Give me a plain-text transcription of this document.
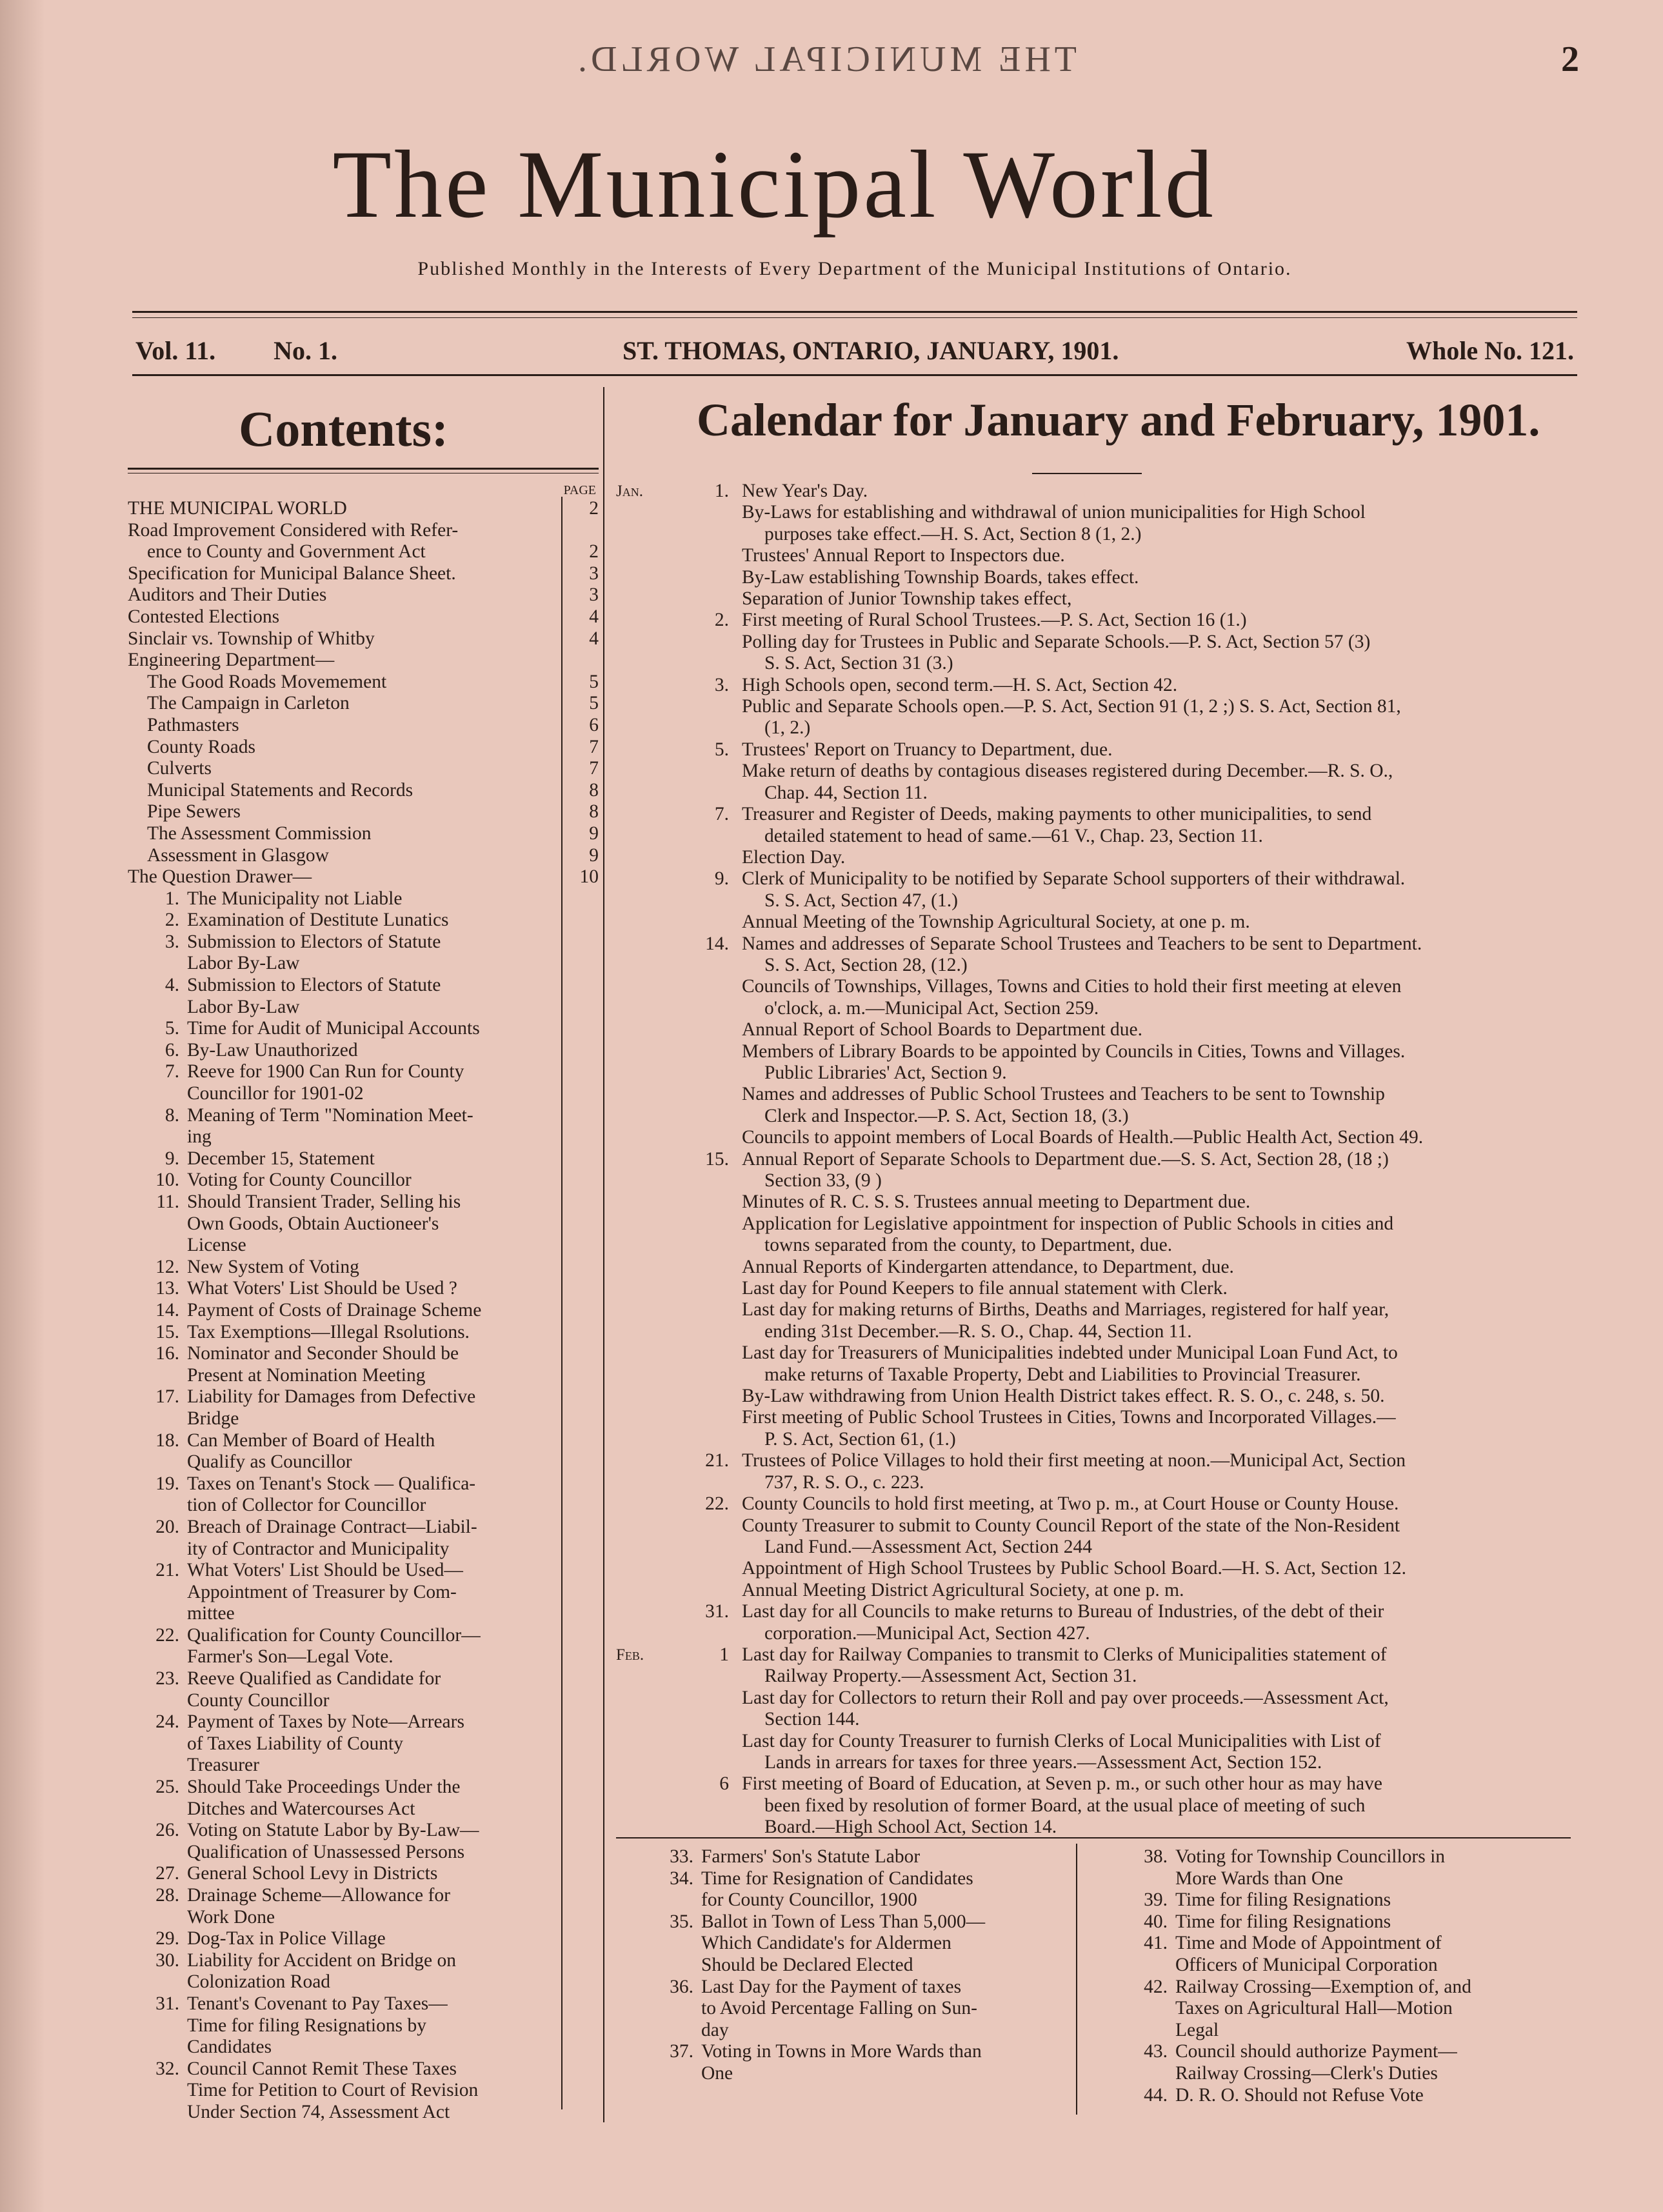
THE MUNICIPAL WORLD.	2
The Municipal World
Published Monthly in the Interests of Every Department of the Municipal Institutions of Ontario.
Vol. 11. No. 1.	ST. THOMAS, ONTARIO, JANUARY, 1901.	Whole No. 121.
Contents:
PAGE
THE MUNICIPAL WORLD	2
Road Improvement Considered with Refer-
ence to County and Government Act	2
Specification for Municipal Balance Sheet.	3
Auditors and Their Duties	3
Contested Elections	4
Sinclair vs. Township of Whitby	4
Engineering Department—
The Good Roads Movemement	5
The Campaign in Carleton	5
Pathmasters	6
County Roads	7
Culverts	7
Municipal Statements and Records	8
Pipe Sewers	8
The Assessment Commission	9
Assessment in Glasgow	9
The Question Drawer—	10
1. The Municipality not Liable
2. Examination of Destitute Lunatics
3. Submission to Electors of Statute
Labor By-Law
4. Submission to Electors of Statute
Labor By-Law
5. Time for Audit of Municipal Accounts
6. By-Law Unauthorized
7. Reeve for 1900 Can Run for County
Councillor for 1901-02
8. Meaning of Term "Nomination Meet-
ing
9. December 15, Statement
10. Voting for County Councillor
11. Should Transient Trader, Selling his
Own Goods, Obtain Auctioneer's
License
12. New System of Voting
13. What Voters' List Should be Used ?
14. Payment of Costs of Drainage Scheme
15. Tax Exemptions—Illegal Rsolutions.
16. Nominator and Seconder Should be
Present at Nomination Meeting
17. Liability for Damages from Defective
Bridge
18. Can Member of Board of Health
Qualify as Councillor
19. Taxes on Tenant's Stock — Qualifica-
tion of Collector for Councillor
20. Breach of Drainage Contract—Liabil-
ity of Contractor and Municipality
21. What Voters' List Should be Used—
Appointment of Treasurer by Com-
mittee
22. Qualification for County Councillor—
Farmer's Son—Legal Vote.
23. Reeve Qualified as Candidate for
County Councillor
24. Payment of Taxes by Note—Arrears
of Taxes Liability of County
Treasurer
25. Should Take Proceedings Under the
Ditches and Watercourses Act
26. Voting on Statute Labor by By-Law—
Qualification of Unassessed Persons
27. General School Levy in Districts
28. Drainage Scheme—Allowance for
Work Done
29. Dog-Tax in Police Village
30. Liability for Accident on Bridge on
Colonization Road
31. Tenant's Covenant to Pay Taxes—
Time for filing Resignations by
Candidates
32. Council Cannot Remit These Taxes
Time for Petition to Court of Revision
Under Section 74, Assessment Act
Calendar for January and February, 1901.
Jan.	1. New Year's Day.
By-Laws for establishing and withdrawal of union municipalities for High School
purposes take effect.—H. S. Act, Section 8 (1, 2.)
Trustees' Annual Report to Inspectors due.
By-Law establishing Township Boards, takes effect.
Separation of Junior Township takes effect,
2. First meeting of Rural School Trustees.—P. S. Act, Section 16 (1.)
Polling day for Trustees in Public and Separate Schools.—P. S. Act, Section 57 (3)
S. S. Act, Section 31 (3.)
3. High Schools open, second term.—H. S. Act, Section 42.
Public and Separate Schools open.—P. S. Act, Section 91 (1, 2 ;) S. S. Act, Section 81,
(1, 2.)
5. Trustees' Report on Truancy to Department, due.
Make return of deaths by contagious diseases registered during December.—R. S. O.,
Chap. 44, Section 11.
7. Treasurer and Register of Deeds, making payments to other municipalities, to send
detailed statement to head of same.—61 V., Chap. 23, Section 11.
Election Day.
9. Clerk of Municipality to be notified by Separate School supporters of their withdrawal.
S. S. Act, Section 47, (1.)
Annual Meeting of the Township Agricultural Society, at one p. m.
14. Names and addresses of Separate School Trustees and Teachers to be sent to Department.
S. S. Act, Section 28, (12.)
Councils of Townships, Villages, Towns and Cities to hold their first meeting at eleven
o'clock, a. m.—Municipal Act, Section 259.
Annual Report of School Boards to Department due.
Members of Library Boards to be appointed by Councils in Cities, Towns and Villages.
Public Libraries' Act, Section 9.
Names and addresses of Public School Trustees and Teachers to be sent to Township
Clerk and Inspector.—P. S. Act, Section 18, (3.)
Councils to appoint members of Local Boards of Health.—Public Health Act, Section 49.
15. Annual Report of Separate Schools to Department due.—S. S. Act, Section 28, (18 ;)
Section 33, (9 )
Minutes of R. C. S. S. Trustees annual meeting to Department due.
Application for Legislative appointment for inspection of Public Schools in cities and
towns separated from the county, to Department, due.
Annual Reports of Kindergarten attendance, to Department, due.
Last day for Pound Keepers to file annual statement with Clerk.
Last day for making returns of Births, Deaths and Marriages, registered for half year,
ending 31st December.—R. S. O., Chap. 44, Section 11.
Last day for Treasurers of Municipalities indebted under Municipal Loan Fund Act, to
make returns of Taxable Property, Debt and Liabilities to Provincial Treasurer.
By-Law withdrawing from Union Health District takes effect. R. S. O., c. 248, s. 50.
First meeting of Public School Trustees in Cities, Towns and Incorporated Villages.—
P. S. Act, Section 61, (1.)
21. Trustees of Police Villages to hold their first meeting at noon.—Municipal Act, Section
737, R. S. O., c. 223.
22. County Councils to hold first meeting, at Two p. m., at Court House or County House.
County Treasurer to submit to County Council Report of the state of the Non-Resident
Land Fund.—Assessment Act, Section 244
Appointment of High School Trustees by Public School Board.—H. S. Act, Section 12.
Annual Meeting District Agricultural Society, at one p. m.
31. Last day for all Councils to make returns to Bureau of Industries, of the debt of their
corporation.—Municipal Act, Section 427.
Feb.	1 Last day for Railway Companies to transmit to Clerks of Municipalities statement of
Railway Property.—Assessment Act, Section 31.
Last day for Collectors to return their Roll and pay over proceeds.—Assessment Act,
Section 144.
Last day for County Treasurer to furnish Clerks of Local Municipalities with List of
Lands in arrears for taxes for three years.—Assessment Act, Section 152.
6 First meeting of Board of Education, at Seven p. m., or such other hour as may have
been fixed by resolution of former Board, at the usual place of meeting of such
Board.—High School Act, Section 14.
33. Farmers' Son's Statute Labor
34. Time for Resignation of Candidates
for County Councillor, 1900
35. Ballot in Town of Less Than 5,000—
Which Candidate's for Aldermen
Should be Declared Elected
36. Last Day for the Payment of taxes
to Avoid Percentage Falling on Sun-
day
37. Voting in Towns in More Wards than
One
38. Voting for Township Councillors in
More Wards than One
39. Time for filing Resignations
40. Time for filing Resignations
41. Time and Mode of Appointment of
Officers of Municipal Corporation
42. Railway Crossing—Exemption of, and
Taxes on Agricultural Hall—Motion
Legal
43. Council should authorize Payment—
Railway Crossing—Clerk's Duties
44. D. R. O. Should not Refuse Vote
